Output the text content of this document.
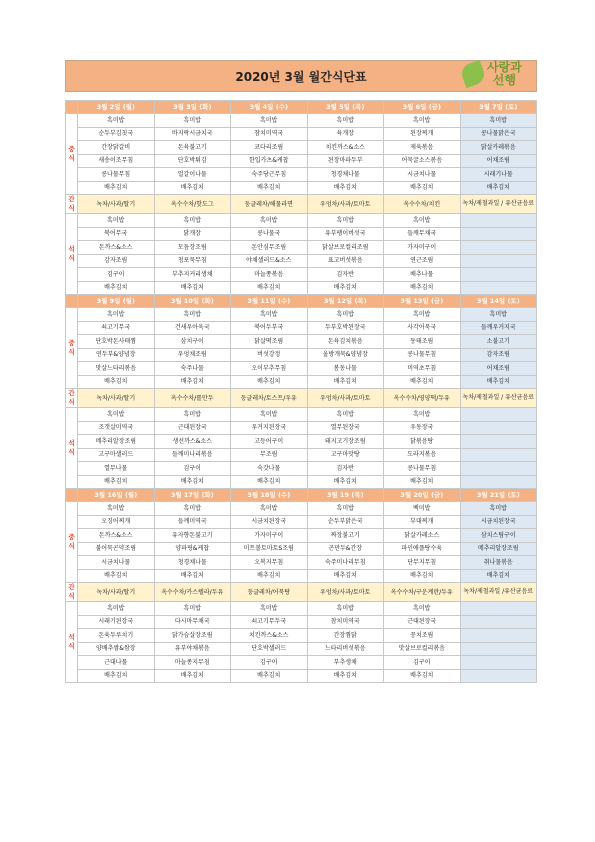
2020년 3월 월간식단표
사랑과
선행
	3월 2일 (월)	3월 3일 (화)	3월 4일 (수)	3월 5일 (목)	3월 6일 (금)	3월 7일 (토)
중식	흑미밥	흑미밥	흑미밥	흑미밥	흑미밥	흑미밥
	순두부김칫국	바지락시금치국	참치미역국	육개장	된장찌개	콩나물맑은국
	간장닭갈비	돈육불고기	코다리조림	치킨까스&소스	제육볶음	닭살카레볶음
	새송이조무침	단호박튀김	한입카츠&케찹	된장마파두부	어묵굴소스볶음	어채조림
	콩나물무침	얼갈이나물	숙주당근무침	청경채나물	시금치나물	시래기나물
	배추김치	배추김치	배추김치	배추김치	배추김치	배추김치
간식	녹차/사과/딸기	옥수수차/핫도그	둥글레차/해물라면	우엉차/사과/토마토	옥수수차/치킨	녹차/제철과일 / 유산균음료
석식	흑미밥	흑미밥	흑미밥	흑미밥	흑미밥	
	북어무국	닭개장	콩나물국	유부팽이버섯국	들깨무채국	
	돈까스&소스	모듬장조림	돈안심무조림	닭살브로컬리조림	가자미구이	
	감자조림	청포묵무침	야채샐러드&소스	표고버섯볶음	연근조림	
	김구이	부추지커리생채	마늘쫑볶음	김자반	배추나물	
	배추김치	배추김치	배추김치	배추김치	배추김치	
	3월 9일 (월)	3월 10일 (화)	3월 11일 (수)	3월 12일 (목)	3월 13일 (금)	3월 14일 (토)
중식	흑미밥	흑미밥	흑미밥	흑미밥	흑미밥	흑미밥
	쇠고기무국	건새우아욱국	북어두부국	두부호박된장국	사각어묵국	들깨우거지국
	단호박돈사태찜	삼치구이	닭살떡조림	돈육김치볶음	동태조림	소불고기
	연두부&양념장	우엉채조림	버섯강정	올방개묵&양념장	콩나물무침	감자조림
	맛살느타리볶음	숙주나물	오이부추무침	봄동나물	미역초무침	어채조림
	배추김치	배추김치	배추김치	배추김치	배추김치	배추김치
간식	녹차/사과/딸기	옥수수차/롤만두	둥글레차/토스트/우유	우엉차/사과/토마토	옥수수차/영양떡/두유	녹차/제철과일 / 유산균음료
석식	흑미밥	흑미밥	흑미밥	흑미밥	흑미밥	
	조갯살미역국	근대된장국	우거지된장국	열무된장국	우동장국	
	메추리알장조림	생선까스&소스	고등어구이	돼지고기장조림	닭볶음탕	
	고구마샐러드	들깨미나리볶음	무조림	고구마맛탕	도라지볶음	
	열무나물	김구이	숙갓나물	김자반	콩나물무침	
	배추김치	배추김치	배추김치	배추김치	배추김치	
	3월 16일 (월)	3월 17일 (화)	3월 18일 (수)	3월 19 (목)	3월 20일 (금)	3월 21일 (토)
중식	흑미밥	흑미밥	흑미밥	흑미밥	백미밥	흑미밥
	오징어찌개	들깨미역국	시금치된장국	순두부맑은국	부대찌개	시금치된장국
	돈까스&소스	유자향돈불고기	가자미구이	짜장불고기	닭살카레소스	삼치스팀구이
	불어묵곤약조림	양파링&케찹	미트볼토마토S조림	곤만두&간장	파인애플탕수육	메추리알장조림
	시금치나물	청경채나물	오복지무침	숙주미나리무침	단무지무침	취나물볶음
	배추김치	배추김치	배추김치	배추김치	배추김치	배추김치
간식	녹차/사과/딸기	옥수수차/카스텔라/두유	둥글레차/어묵탕	우엉차/사과/토마토	옥수수차/구운계란/두유	녹차/제철과일 /유산균음료
석식	흑미밥	흑미밥	흑미밥	흑미밥	흑미밥	
	시래기된장국	다시마무채국	쇠고기무두국	참치미역국	근대된장국	
	돈육두루치기	닭가슴살장조림	치킨까스&소스	간장찜닭	꽁치조림	
	양배추쌈&쌈장	유부야채볶음	단호박샐러드	느타리버섯볶음	맛살브로컬리볶음	
	근대나물	마늘종지무침	김구이	부추생채	김구이	
	배추김치	배추김치	배추김치	배추김치	배추김치	
